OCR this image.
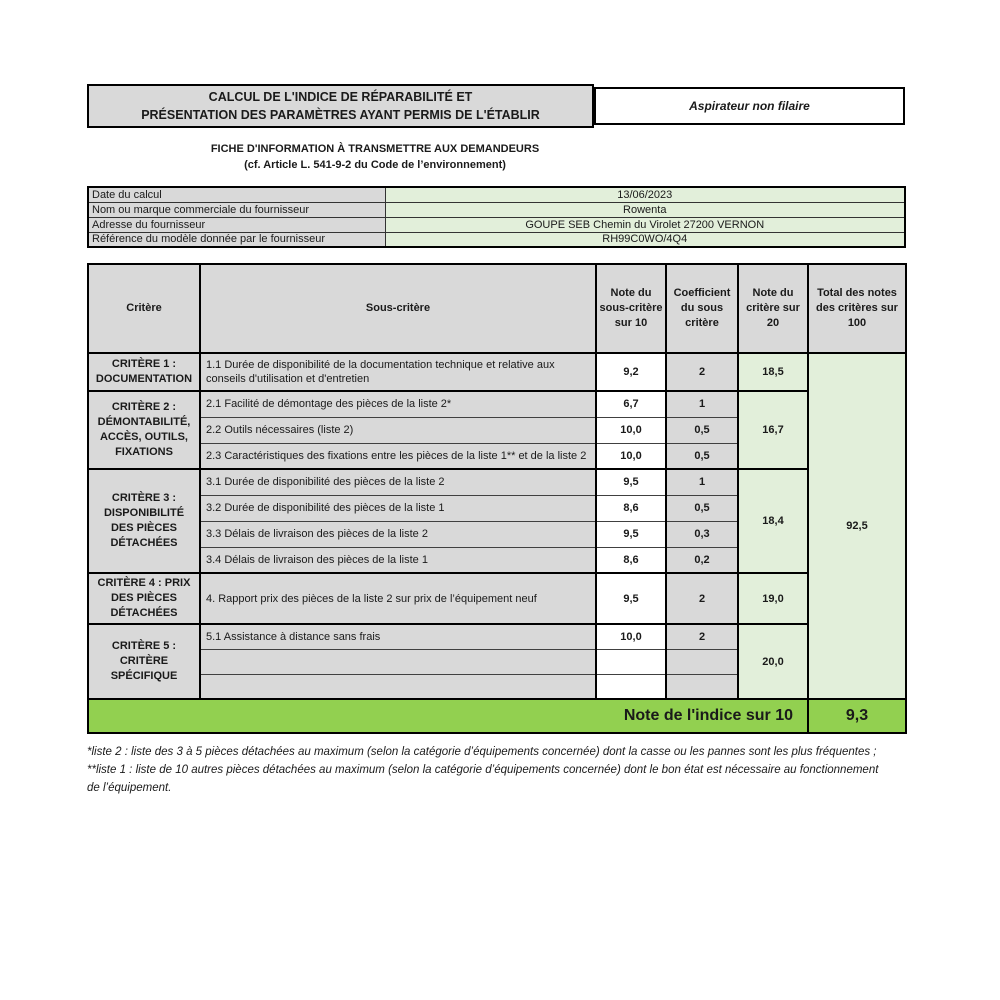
CALCUL DE L'INDICE DE RÉPARABILITÉ ET
PRÉSENTATION DES PARAMÈTRES AYANT PERMIS DE L'ÉTABLIR
Aspirateur non filaire
FICHE D'INFORMATION À TRANSMETTRE AUX DEMANDEURS
(cf. Article L. 541-9-2 du Code de l’environnement)
Date du calcul	13/06/2023
Nom ou marque commerciale du fournisseur	Rowenta
Adresse du fournisseur	GOUPE SEB Chemin du Virolet 27200 VERNON
Référence du modèle donnée par le fournisseur	RH99C0WO/4Q4
Critère	Sous-critère	Note du sous-critère sur 10	Coefficient du sous critère	Note du critère sur 20	Total des notes des critères sur 100
CRITÈRE 1 : DOCUMENTATION	1.1 Durée de disponibilité de la documentation technique et relative aux conseils d'utilisation et d'entretien	9,2	2	18,5	92,5
CRITÈRE 2 : DÉMONTABILITÉ, ACCÈS, OUTILS, FIXATIONS	2.1 Facilité de démontage des pièces de la liste 2*	6,7	1	16,7	
	2.2 Outils nécessaires (liste 2)	10,0	0,5		
	2.3 Caractéristiques des fixations entre les pièces de la liste 1** et de la liste 2	10,0	0,5		
CRITÈRE 3 : DISPONIBILITÉ DES PIÈCES DÉTACHÉES	3.1 Durée de disponibilité des pièces de la liste 2	9,5	1	18,4	
	3.2 Durée de disponibilité des pièces de la liste 1	8,6	0,5		
	3.3 Délais de livraison des pièces de la liste 2	9,5	0,3		
	3.4 Délais de livraison des pièces de la liste 1	8,6	0,2		
CRITÈRE 4 : PRIX DES PIÈCES DÉTACHÉES	4. Rapport prix des pièces de la liste 2 sur prix de l’équipement neuf	9,5	2	19,0	
CRITÈRE 5 : CRITÈRE SPÉCIFIQUE	5.1 Assistance à distance sans frais	10,0	2	20,0	

Note de l'indice sur 10					9,3

*liste 2 : liste des 3 à 5 pièces détachées au maximum (selon la catégorie d’équipements concernée) dont la casse ou les pannes sont les plus fréquentes ;

**liste 1 : liste de 10 autres pièces détachées au maximum (selon la catégorie d’équipements concernée) dont le bon état est nécessaire au fonctionnement de l’équipement.
